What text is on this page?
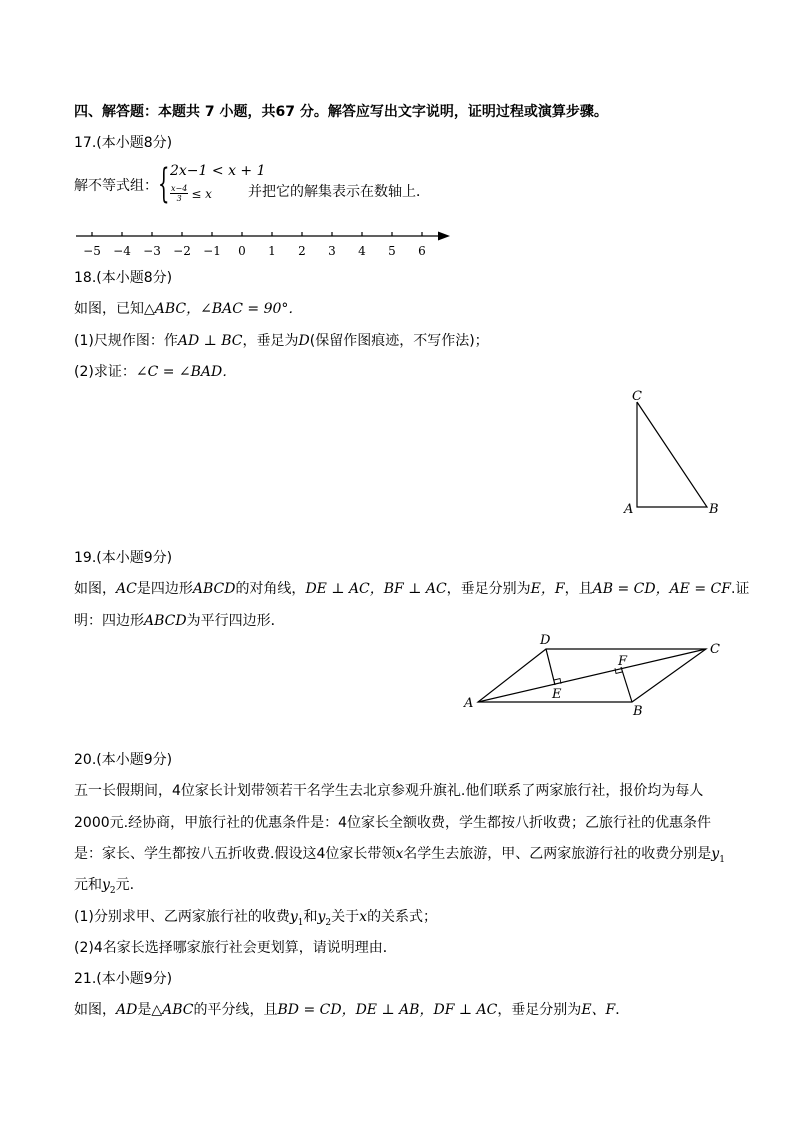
四、解答题：本题共 7 小题，共67 分。解答应写出文字说明，证明过程或演算步骤。
17.(本小题8分)
解不等式组： { 2x−1 < x + 1
$\frac{x-4}{3} \le x$	并把它的解集表示在数轴上．
−5 −4 −3 −2 −1 0 1 2 3 4 5 6
18.(本小题8分)
如图，已知△ABC，∠BAC = 90°．
(1)尺规作图：作AD ⊥ BC，垂足为D(保留作图痕迹，不写作法)；
(2)求证：∠C = ∠BAD．
C
A	B
19.(本小题9分)
如图，AC是四边形ABCD的对角线，DE ⊥ AC，BF ⊥ AC，垂足分别为E，F，且AB = CD，AE = CF.证
明：四边形ABCD为平行四边形．
A
B
C
D
E
F
20.(本小题9分)
五一长假期间，4位家长计划带领若干名学生去北京参观升旗礼.他们联系了两家旅行社，报价均为每人
2000元.经协商，甲旅行社的优惠条件是：4位家长全额收费，学生都按八折收费；乙旅行社的优惠条件
是：家长、学生都按八五折收费.假设这4位家长带领x名学生去旅游，甲、乙两家旅游行社的收费分别是$y_1$
元和$y_2$元.
(1)分别求甲、乙两家旅行社的收费$y_1$和$y_2$关于x的关系式；
(2)4名家长选择哪家旅行社会更划算，请说明理由．
21.(本小题9分)
如图，AD是△ABC的平分线，且BD = CD，DE ⊥ AB，DF ⊥ AC，垂足分别为E、F．
